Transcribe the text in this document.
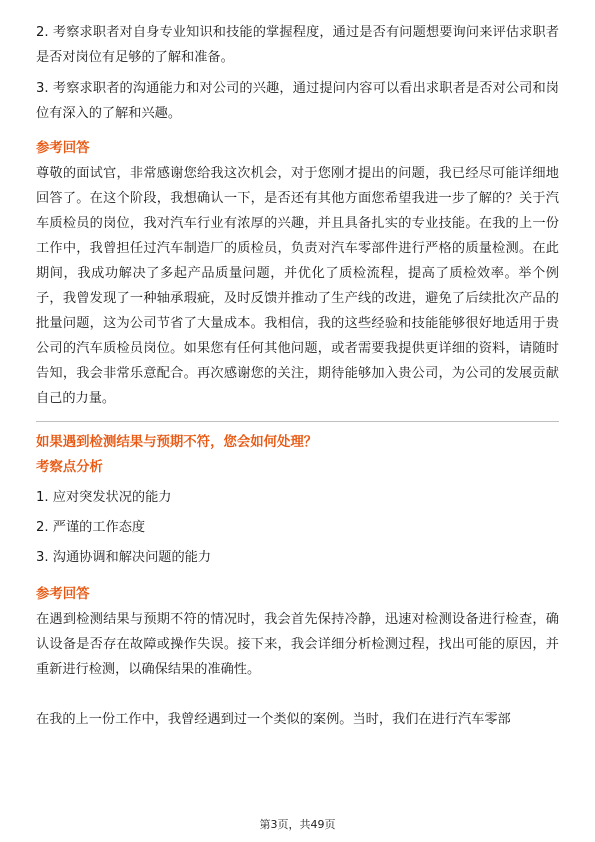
2. 考察求职者对自身专业知识和技能的掌握程度，通过是否有问题想要询问来评估求职者是否对岗位有足够的了解和准备。

3. 考察求职者的沟通能力和对公司的兴趣，通过提问内容可以看出求职者是否对公司和岗位有深入的了解和兴趣。

参考回答

尊敬的面试官，非常感谢您给我这次机会，对于您刚才提出的问题，我已经尽可能详细地回答了。在这个阶段，我想确认一下，是否还有其他方面您希望我进一步了解的？关于汽车质检员的岗位，我对汽车行业有浓厚的兴趣，并且具备扎实的专业技能。在我的上一份工作中，我曾担任过汽车制造厂的质检员，负责对汽车零部件进行严格的质量检测。在此期间，我成功解决了多起产品质量问题，并优化了质检流程，提高了质检效率。举个例子，我曾发现了一种轴承瑕疵，及时反馈并推动了生产线的改进，避免了后续批次产品的批量问题，这为公司节省了大量成本。我相信，我的这些经验和技能能够很好地适用于贵公司的汽车质检员岗位。如果您有任何其他问题，或者需要我提供更详细的资料，请随时告知，我会非常乐意配合。再次感谢您的关注，期待能够加入贵公司，为公司的发展贡献自己的力量。

如果遇到检测结果与预期不符，您会如何处理？

考察点分析

1. 应对突发状况的能力

2. 严谨的工作态度

3. 沟通协调和解决问题的能力

参考回答

在遇到检测结果与预期不符的情况时，我会首先保持冷静，迅速对检测设备进行检查，确认设备是否存在故障或操作失误。接下来，我会详细分析检测过程，找出可能的原因，并重新进行检测，以确保结果的准确性。

在我的上一份工作中，我曾经遇到过一个类似的案例。当时，我们在进行汽车零部

第3页，共49页
